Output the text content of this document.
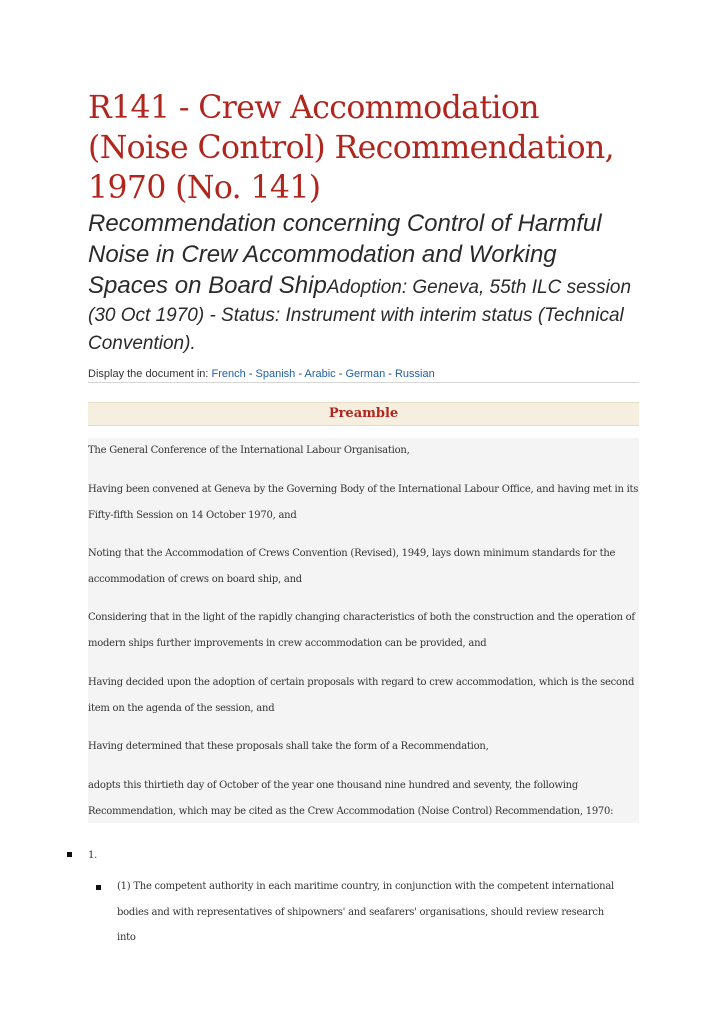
R141 - Crew Accommodation (Noise Control) Recommendation, 1970 (No. 141)
Recommendation concerning Control of Harmful Noise in Crew Accommodation and Working Spaces on Board ShipAdoption: Geneva, 55th ILC session (30 Oct 1970) - Status: Instrument with interim status (Technical Convention).
Display the document in: French - Spanish - Arabic - German - Russian
Preamble

The General Conference of the International Labour Organisation,

Having been convened at Geneva by the Governing Body of the International Labour Office, and having met in its Fifty-fifth Session on 14 October 1970, and

Noting that the Accommodation of Crews Convention (Revised), 1949, lays down minimum standards for the accommodation of crews on board ship, and

Considering that in the light of the rapidly changing characteristics of both the construction and the operation of modern ships further improvements in crew accommodation can be provided, and

Having decided upon the adoption of certain proposals with regard to crew accommodation, which is the second item on the agenda of the session, and

Having determined that these proposals shall take the form of a Recommendation,

adopts this thirtieth day of October of the year one thousand nine hundred and seventy, the following Recommendation, which may be cited as the Crew Accommodation (Noise Control) Recommendation, 1970:

1.
(1) The competent authority in each maritime country, in conjunction with the competent international bodies and with representatives of shipowners' and seafarers' organisations, should review research into
